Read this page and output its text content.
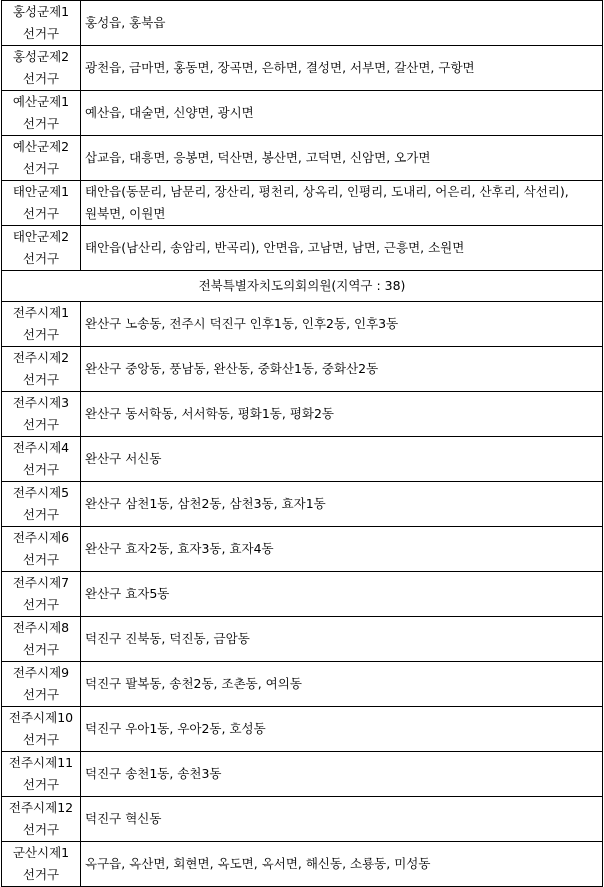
홍성군제1
선거구	홍성읍, 홍북읍
홍성군제2
선거구	광천읍, 금마면, 홍동면, 장곡면, 은하면, 결성면, 서부면, 갈산면, 구항면
예산군제1
선거구	예산읍, 대술면, 신양면, 광시면
예산군제2
선거구	삽교읍, 대흥면, 응봉면, 덕산면, 봉산면, 고덕면, 신암면, 오가면
태안군제1
선거구	태안읍(동문리, 남문리, 장산리, 평천리, 상옥리, 인평리, 도내리, 어은리, 산후리, 삭선리), 원북면, 이원면
태안군제2
선거구	태안읍(남산리, 송암리, 반곡리), 안면읍, 고남면, 남면, 근흥면, 소원면
전북특별자치도의회의원(지역구 : 38)	
전주시제1
선거구	완산구 노송동, 전주시 덕진구 인후1동, 인후2동, 인후3동
전주시제2
선거구	완산구 중앙동, 풍남동, 완산동, 중화산1동, 중화산2동
전주시제3
선거구	완산구 동서학동, 서서학동, 평화1동, 평화2동
전주시제4
선거구	완산구 서신동
전주시제5
선거구	완산구 삼천1동, 삼천2동, 삼천3동, 효자1동
전주시제6
선거구	완산구 효자2동, 효자3동, 효자4동
전주시제7
선거구	완산구 효자5동
전주시제8
선거구	덕진구 진북동, 덕진동, 금암동
전주시제9
선거구	덕진구 팔복동, 송천2동, 조촌동, 여의동
전주시제10
선거구	덕진구 우아1동, 우아2동, 호성동
전주시제11
선거구	덕진구 송천1동, 송천3동
전주시제12
선거구	덕진구 혁신동
군산시제1
선거구	옥구읍, 옥산면, 회현면, 옥도면, 옥서면, 해신동, 소룡동, 미성동
